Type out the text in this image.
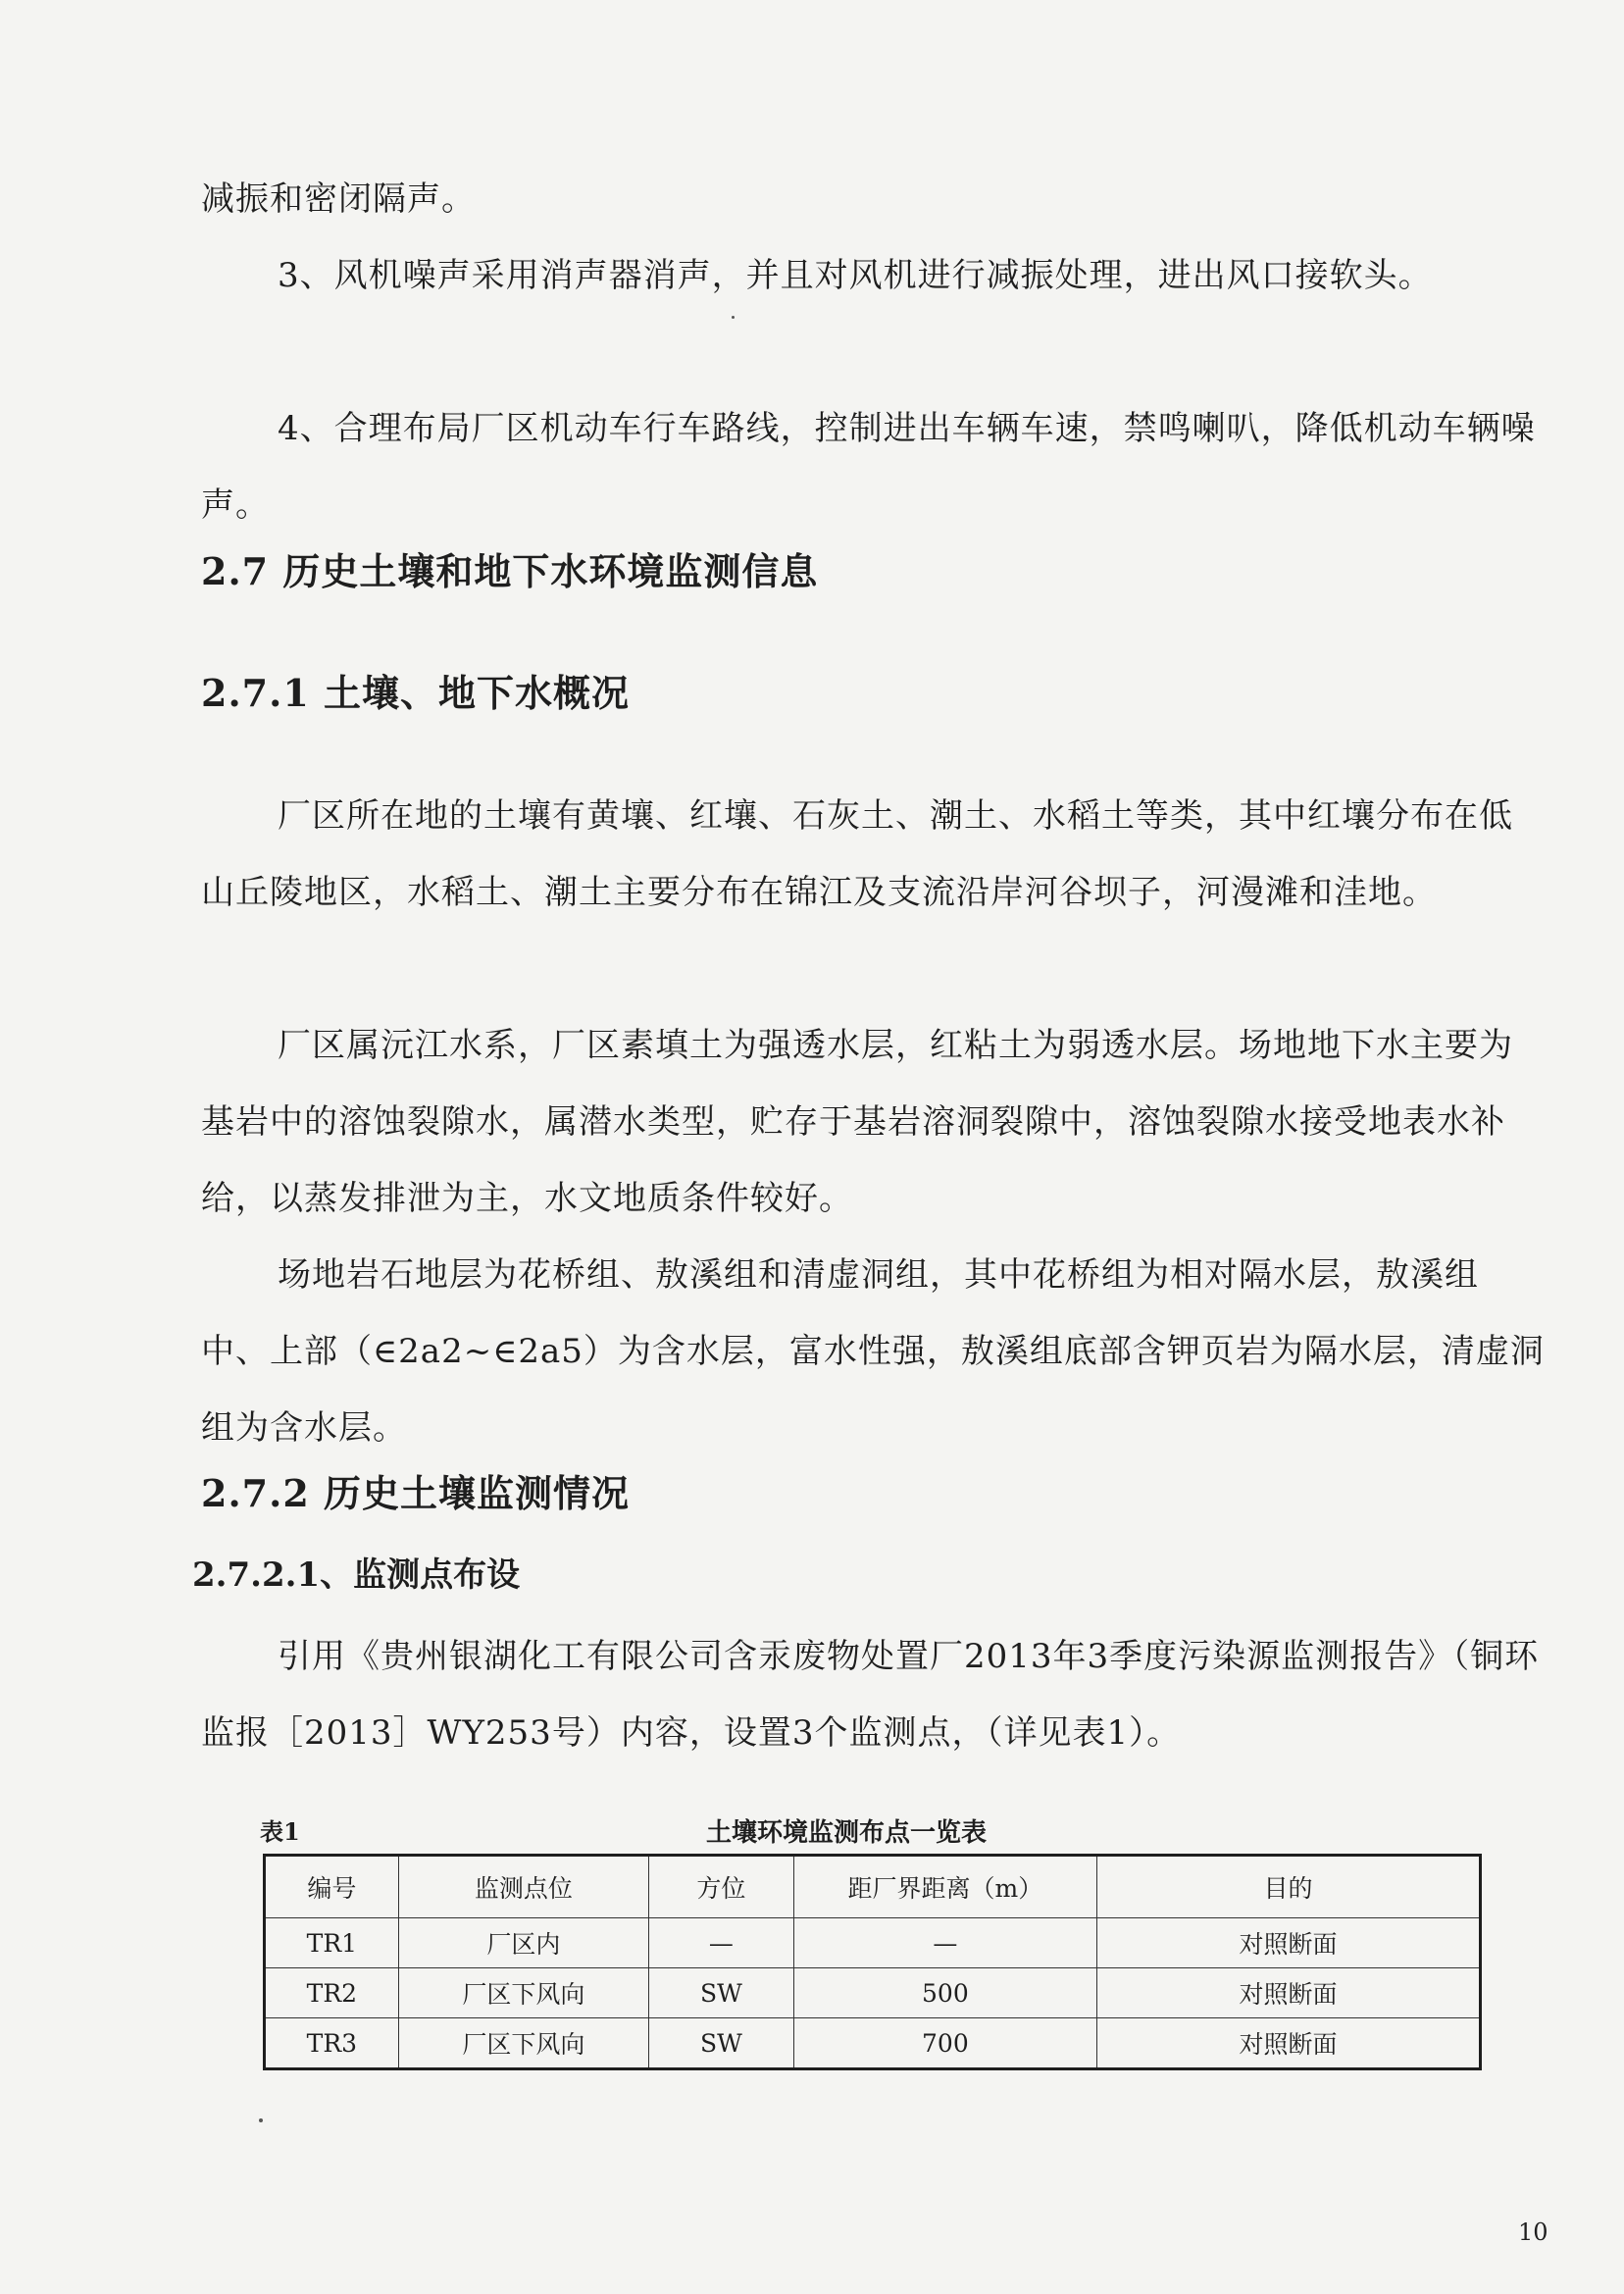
减振和密闭隔声。

3、风机噪声采用消声器消声，并且对风机进行减振处理，进出风口接软头。

4、合理布局厂区机动车行车路线，控制进出车辆车速，禁鸣喇叭，降低机动车辆噪声。

2.7 历史土壤和地下水环境监测信息
2.7.1 土壤、地下水概况

厂区所在地的土壤有黄壤、红壤、石灰土、潮土、水稻土等类，其中红壤分布在低山丘陵地区，水稻土、潮土主要分布在锦江及支流沿岸河谷坝子，河漫滩和洼地。

厂区属沅江水系，厂区素填土为强透水层，红粘土为弱透水层。场地地下水主要为基岩中的溶蚀裂隙水，属潜水类型，贮存于基岩溶洞裂隙中，溶蚀裂隙水接受地表水补给，以蒸发排泄为主，水文地质条件较好。

场地岩石地层为花桥组、敖溪组和清虚洞组，其中花桥组为相对隔水层，敖溪组中、上部（∈2a2~∈2a5）为含水层，富水性强，敖溪组底部含钾页岩为隔水层，清虚洞组为含水层。

2.7.2 历史土壤监测情况
2.7.2.1、监测点布设

引用《贵州银湖化工有限公司含汞废物处置厂2013年3季度污染源监测报告》（铜环监报［2013］WY253号）内容，设置3个监测点，（详见表1）。

表1	土壤环境监测布点一览表
编号	监测点位	方位	距厂界距离（m）	目的
TR1	厂区内	—	—	对照断面
TR2	厂区下风向	SW	500	对照断面
TR3	厂区下风向	SW	700	对照断面
10
